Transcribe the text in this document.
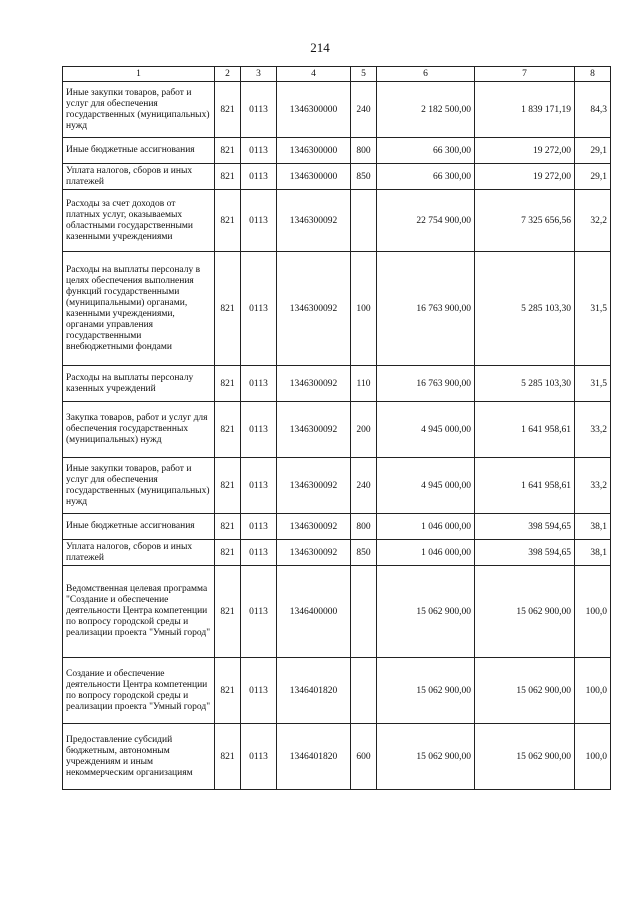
214
1	2	3	4	5	6	7	8
Иные закупки товаров, работ и услуг для обеспечения государственных (муниципальных) нужд	821	0113	1346300000	240	2 182 500,00	1 839 171,19	84,3
Иные бюджетные ассигнования	821	0113	1346300000	800	66 300,00	19 272,00	29,1
Уплата налогов, сборов и иных платежей	821	0113	1346300000	850	66 300,00	19 272,00	29,1
Расходы за счет доходов от платных услуг, оказываемых областными государственными казенными учреждениями	821	0113	1346300092		22 754 900,00	7 325 656,56	32,2
Расходы на выплаты персоналу в целях обеспечения выполнения функций государственными (муниципальными) органами, казенными учреждениями, органами управления государственными внебюджетными фондами	821	0113	1346300092	100	16 763 900,00	5 285 103,30	31,5
Расходы на выплаты персоналу казенных учреждений	821	0113	1346300092	110	16 763 900,00	5 285 103,30	31,5
Закупка товаров, работ и услуг для обеспечения государственных (муниципальных) нужд	821	0113	1346300092	200	4 945 000,00	1 641 958,61	33,2
Иные закупки товаров, работ и услуг для обеспечения государственных (муниципальных) нужд	821	0113	1346300092	240	4 945 000,00	1 641 958,61	33,2
Иные бюджетные ассигнования	821	0113	1346300092	800	1 046 000,00	398 594,65	38,1
Уплата налогов, сборов и иных платежей	821	0113	1346300092	850	1 046 000,00	398 594,65	38,1
Ведомственная целевая программа "Создание и обеспечение деятельности Центра компетенции по вопросу городской среды и реализации проекта "Умный город"	821	0113	1346400000		15 062 900,00	15 062 900,00	100,0
Создание и обеспечение деятельности Центра компетенции по вопросу городской среды и реализации проекта "Умный город"	821	0113	1346401820		15 062 900,00	15 062 900,00	100,0
Предоставление субсидий бюджетным, автономным учреждениям и иным некоммерческим организациям	821	0113	1346401820	600	15 062 900,00	15 062 900,00	100,0
